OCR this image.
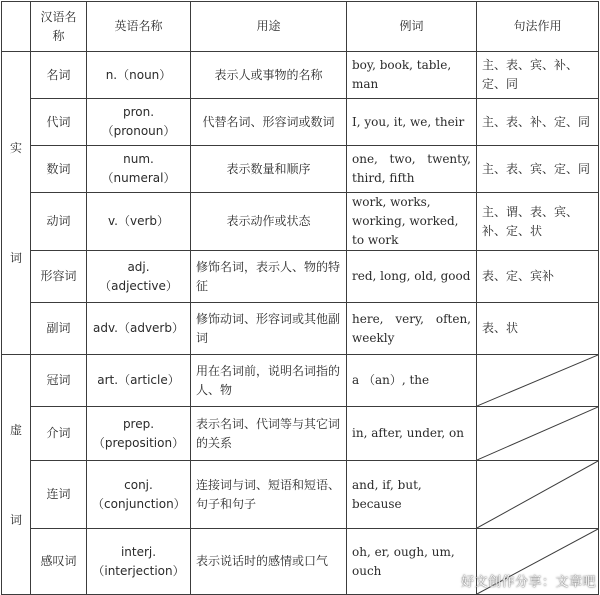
	汉语名称	英语名称	用途	例词	句法作用

实
词	名词	n.（noun）	表示人或事物的名称	boy, book, table, man	主、表、宾、补、定、同
	代词	pron.（pronoun）	代替名词、形容词或数词	I, you, it, we, their	主、表、补、定、同
	数词	num.（numeral）	表示数量和顺序	one, two, twenty, third, fifth	主、表、宾、定、同
	动词	v.（verb）	表示动作或状态	work, works, working, worked, to work	主、谓、表、宾、补、定、状
	形容词	adj.（adjective）	修饰名词，表示人、物的特征	red, long, old, good	表、定、宾补
	副词	adv.（adverb）	修饰动词、形容词或其他副词	here, very, often, weekly	表、状

虚
词	冠词	art.（article）	用在名词前，说明名词指的人、物	a （an）, the	

	介词	prep.（preposition）	表示名词、代词等与其它词的关系	in, after, under, on	

	连词	conj.（conjunction）	连接词与词、短语和短语、句子和句子	and, if, but, because	

	感叹词	interj.（interjection）	表示说话时的感情或口气	oh, er, ough, um, ouch	
好文创作分享：文章吧
